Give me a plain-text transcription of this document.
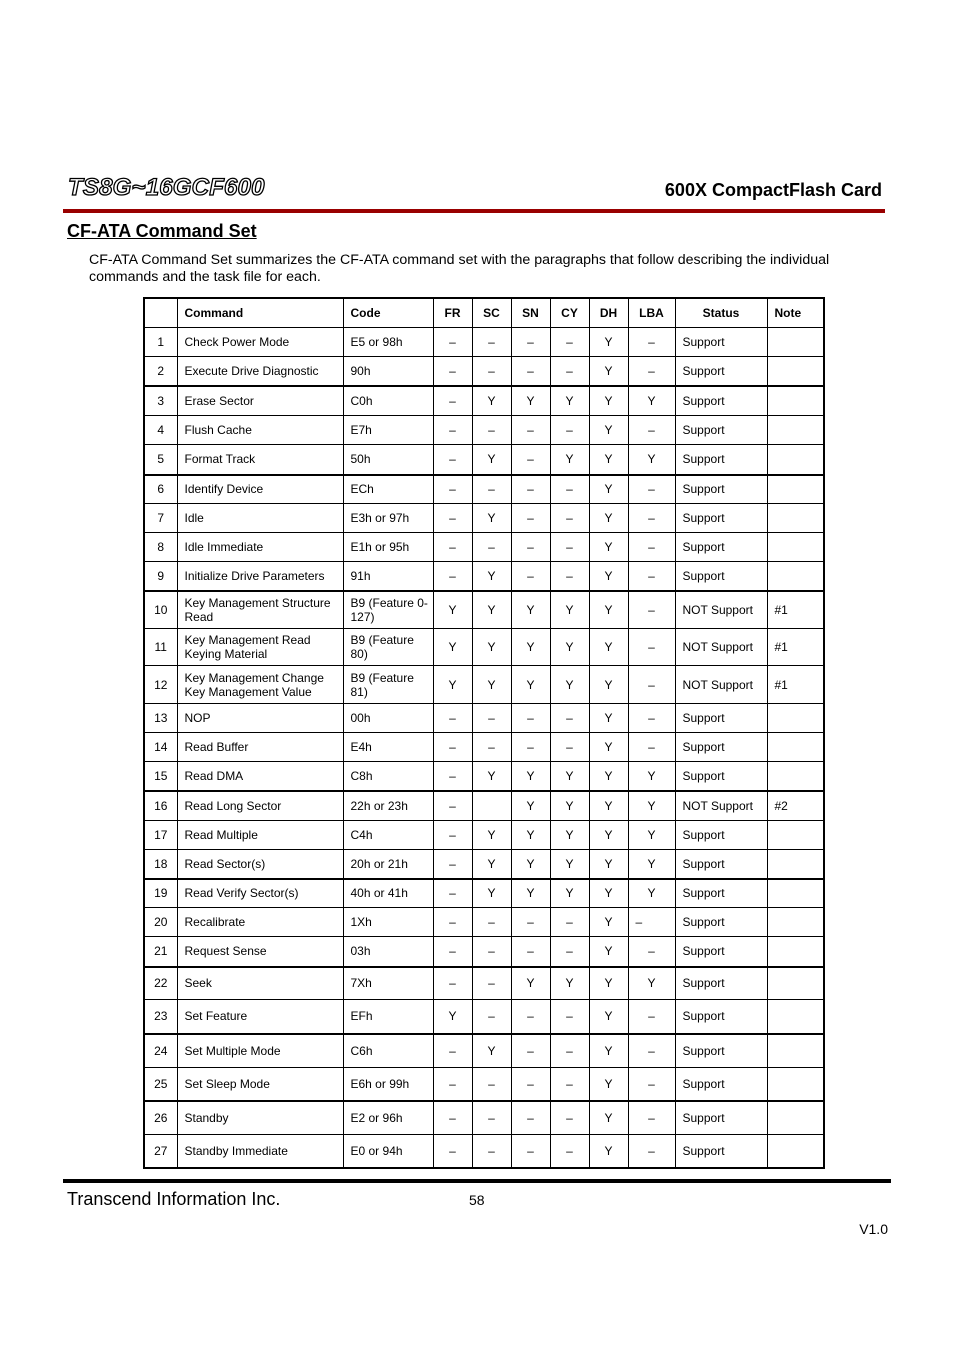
TS8G~16GCF600	600X CompactFlash Card
CF-ATA Command Set
CF-ATA Command Set summarizes the CF-ATA command set with the paragraphs that follow describing the individual commands and the task file for each.
	Command	Code	FR	SC	SN	CY	DH	LBA	Status	Note
1	Check Power Mode	E5 or 98h	–	–	–	–	Y	–	Support	
2	Execute Drive Diagnostic	90h	–	–	–	–	Y	–	Support	
3	Erase Sector	C0h	–	Y	Y	Y	Y	Y	Support	
4	Flush Cache	E7h	–	–	–	–	Y	–	Support	
5	Format Track	50h	–	Y	–	Y	Y	Y	Support	
6	Identify Device	ECh	–	–	–	–	Y	–	Support	
7	Idle	E3h or 97h	–	Y	–	–	Y	–	Support	
8	Idle Immediate	E1h or 95h	–	–	–	–	Y	–	Support	
9	Initialize Drive Parameters	91h	–	Y	–	–	Y	–	Support	
10	Key Management Structure Read	B9 (Feature 0-127)	Y	Y	Y	Y	Y	–	NOT Support	#1
11	Key Management Read Keying Material	B9 (Feature 80)	Y	Y	Y	Y	Y	–	NOT Support	#1
12	Key Management Change Key Management Value	B9 (Feature 81)	Y	Y	Y	Y	Y	–	NOT Support	#1
13	NOP	00h	–	–	–	–	Y	–	Support	
14	Read Buffer	E4h	–	–	–	–	Y	–	Support	
15	Read DMA	C8h	–	Y	Y	Y	Y	Y	Support	
16	Read Long Sector	22h or 23h	–		Y	Y	Y	Y	NOT Support	#2
17	Read Multiple	C4h	–	Y	Y	Y	Y	Y	Support	
18	Read Sector(s)	20h or 21h	–	Y	Y	Y	Y	Y	Support	
19	Read Verify Sector(s)	40h or 41h	–	Y	Y	Y	Y	Y	Support	
20	Recalibrate	1Xh	–	–	–	–	Y	–	Support	
21	Request Sense	03h	–	–	–	–	Y	–	Support	
22	Seek	7Xh	–	–	Y	Y	Y	Y	Support	
23	Set Feature	EFh	Y	–	–	–	Y	–	Support	
24	Set Multiple Mode	C6h	–	Y	–	–	Y	–	Support	
25	Set Sleep Mode	E6h or 99h	–	–	–	–	Y	–	Support	
26	Standby	E2 or 96h	–	–	–	–	Y	–	Support	
27	Standby Immediate	E0 or 94h	–	–	–	–	Y	–	Support	
Transcend Information Inc.	58
V1.0
